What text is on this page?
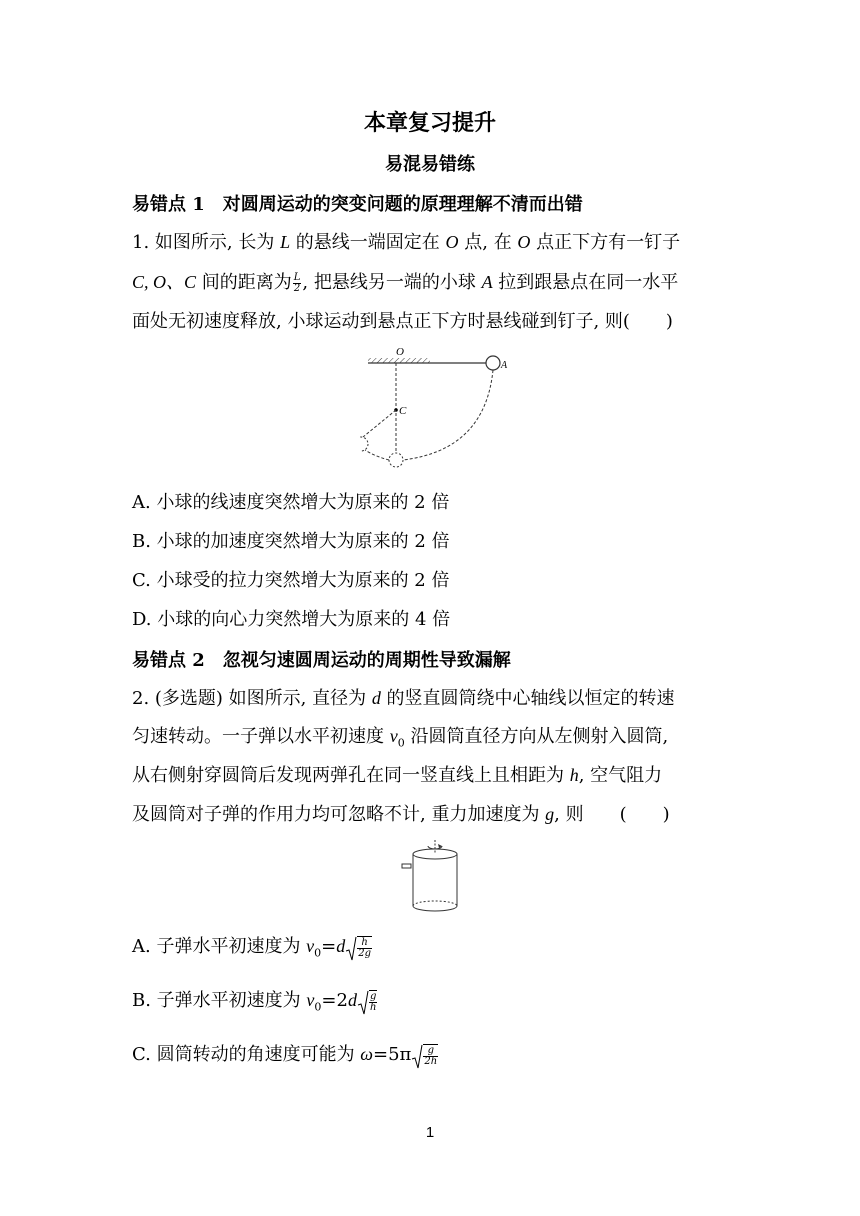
本章复习提升
易混易错练
易错点 1　对圆周运动的突变问题的原理理解不清而出错
1. 如图所示, 长为 L 的悬线一端固定在 O 点, 在 O 点正下方有一钉子
C, O、C 间的距离为 $\frac{L}{2}$ , 把悬线另一端的小球 A 拉到跟悬点在同一水平
面处无初速度释放, 小球运动到悬点正下方时悬线碰到钉子, 则(　　)
O
A
C
A. 小球的线速度突然增大为原来的 2 倍
B. 小球的加速度突然增大为原来的 2 倍
C. 小球受的拉力突然增大为原来的 2 倍
D. 小球的向心力突然增大为原来的 4 倍
易错点 2　忽视匀速圆周运动的周期性导致漏解
2. (多选题) 如图所示, 直径为 d 的竖直圆筒绕中心轴线以恒定的转速
匀速转动。一子弹以水平初速度 $v_0$ 沿圆筒直径方向从左侧射入圆筒,
从右侧射穿圆筒后发现两弹孔在同一竖直线上且相距为 h, 空气阻力
及圆筒对子弹的作用力均可忽略不计, 重力加速度为 g, 则　　(　　)
A. 子弹水平初速度为 $v_0=d \frac{h}{2g}$
B. 子弹水平初速度为 $v_0=2d \frac{g}{h}$
C. 圆筒转动的角速度可能为 $\omega=5\pi \frac{g}{2h}$
1
